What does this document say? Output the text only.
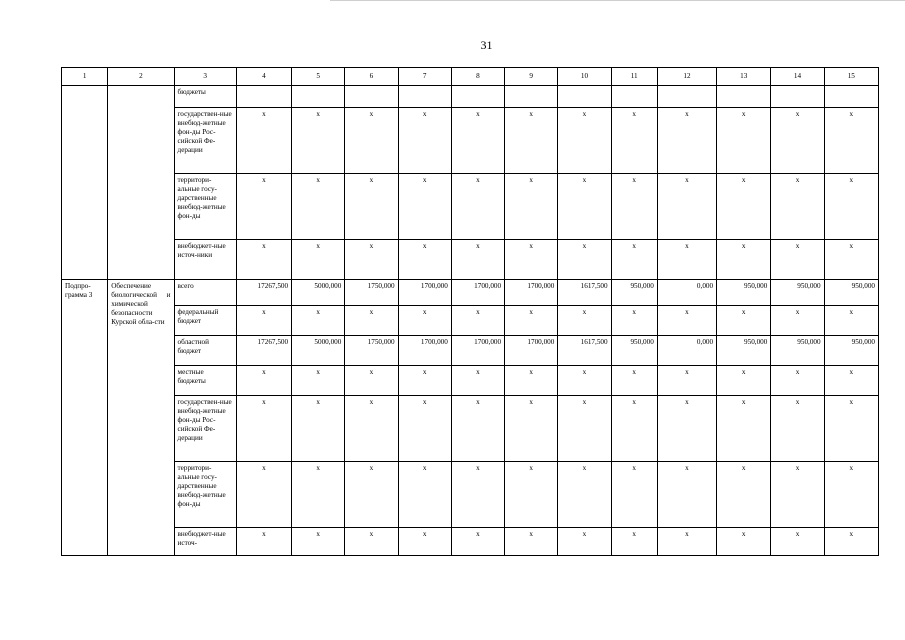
31
1	2	3	4	5	6	7	8	9	10	11	12	13	14	15
		бюджеты												
		государствен-ные внебюд-жетные фон-ды Рос-сийской Фе-дерации	х	х	х	х	х	х	х	х	х	х	х	х
		территори-альные госу-дарственные внебюд-жетные фон-ды	х	х	х	х	х	х	х	х	х	х	х	х
		внебюджет-ные источ-ники	х	х	х	х	х	х	х	х	х	х	х	х
Подпро-грамма 3	Обеспечение биологической и химической безопасности Курской обла-сти	всего	17267,500	5000,000	1750,000	1700,000	1700,000	1700,000	1617,500	950,000	0,000	950,000	950,000	950,000
		федеральный бюджет	х	х	х	х	х	х	х	х	х	х	х	х
		областной бюджет	17267,500	5000,000	1750,000	1700,000	1700,000	1700,000	1617,500	950,000	0,000	950,000	950,000	950,000
		местные бюджеты	х	х	х	х	х	х	х	х	х	х	х	х
		государствен-ные внебюд-жетные фон-ды Рос-сийской Фе-дерации	х	х	х	х	х	х	х	х	х	х	х	х
		территори-альные госу-дарственные внебюд-жетные фон-ды	х	х	х	х	х	х	х	х	х	х	х	х
		внебюджет-ные источ-	х	х	х	х	х	х	х	х	х	х	х	х
